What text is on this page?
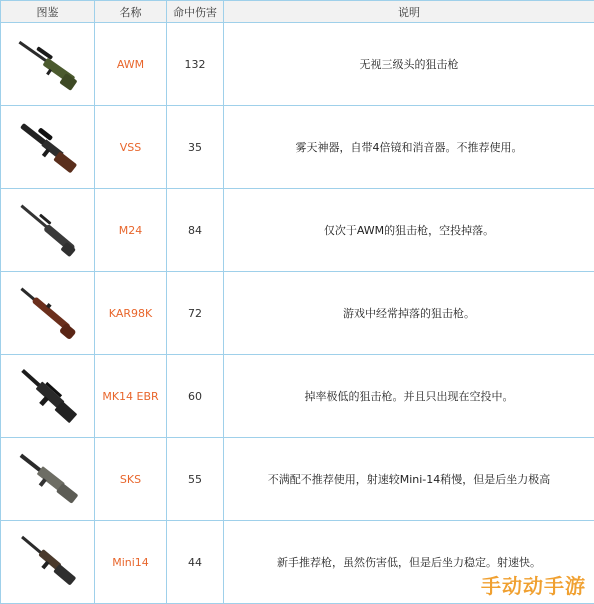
图鉴	名称	命中伤害	说明

	AWM	132	无视三级头的狙击枪

	VSS	35	雾天神器，自带4倍镜和消音器。不推荐使用。

	M24	84	仅次于AWM的狙击枪，空投掉落。

	KAR98K	72	游戏中经常掉落的狙击枪。

	MK14 EBR	60	掉率极低的狙击枪。并且只出现在空投中。

	SKS	55	不满配不推荐使用，射速较Mini-14稍慢，但是后坐力极高

	Mini14	44	新手推荐枪，虽然伤害低，但是后坐力稳定。射速快。
手动动手游
